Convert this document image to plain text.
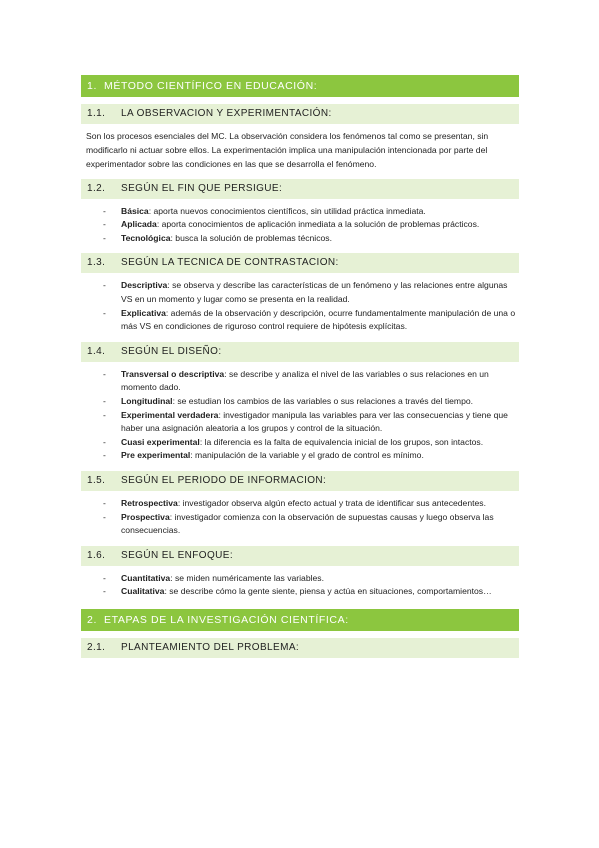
1. MÉTODO CIENTÍFICO EN EDUCACIÓN:
1.1.	LA OBSERVACION Y EXPERIMENTACIÓN:

Son los procesos esenciales del MC. La observación considera los fenómenos tal como se presentan, sin modificarlo ni actuar sobre ellos. La experimentación implica una manipulación intencionada por parte del experimentador sobre las condiciones en las que se desarrolla el fenómeno.

1.2.	SEGÚN EL FIN QUE PERSIGUE:
- Básica: aporta nuevos conocimientos científicos, sin utilidad práctica inmediata.
- Aplicada: aporta conocimientos de aplicación inmediata a la solución de problemas prácticos.
- Tecnológica: busca la solución de problemas técnicos.
1.3.	SEGÚN LA TECNICA DE CONTRASTACION:
- Descriptiva: se observa y describe las características de un fenómeno y las relaciones entre algunas VS en un momento y lugar como se presenta en la realidad.
- Explicativa: además de la observación y descripción, ocurre fundamentalmente manipulación de una o más VS en condiciones de riguroso control requiere de hipótesis explícitas.
1.4.	SEGÚN EL DISEÑO:
- Transversal o descriptiva: se describe y analiza el nivel de las variables o sus relaciones en un momento dado.
- Longitudinal: se estudian los cambios de las variables o sus relaciones a través del tiempo.
- Experimental verdadera: investigador manipula las variables para ver las consecuencias y tiene que haber una asignación aleatoria a los grupos y control de la situación.
- Cuasi experimental: la diferencia es la falta de equivalencia inicial de los grupos, son intactos.
- Pre experimental: manipulación de la variable y el grado de control es mínimo.
1.5.	SEGÚN EL PERIODO DE INFORMACION:
- Retrospectiva: investigador observa algún efecto actual y trata de identificar sus antecedentes.
- Prospectiva: investigador comienza con la observación de supuestas causas y luego observa las consecuencias.
1.6.	SEGÚN EL ENFOQUE:
- Cuantitativa: se miden numéricamente las variables.
- Cualitativa: se describe cómo la gente siente, piensa y actúa en situaciones, comportamientos…
2. ETAPAS DE LA INVESTIGACIÓN CIENTÍFICA:
2.1.	PLANTEAMIENTO DEL PROBLEMA:
